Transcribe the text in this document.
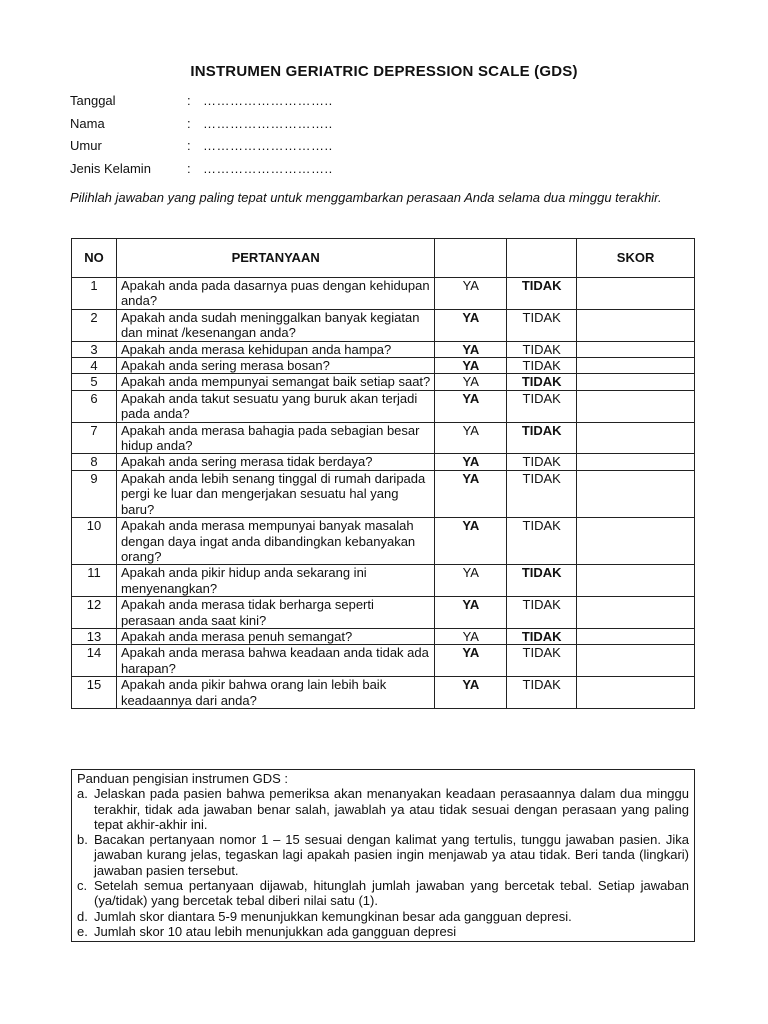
INSTRUMEN GERIATRIC DEPRESSION SCALE (GDS)
Tanggal	: ………………………..
Nama	: ………………………..
Umur	: ………………………..
Jenis Kelamin	: ………………………..
Pilihlah jawaban yang paling tepat untuk menggambarkan perasaan Anda selama dua minggu terakhir.
NO	PERTANYAAN			SKOR
1	Apakah anda pada dasarnya puas dengan kehidupan anda?	YA	TIDAK	
2	Apakah anda sudah meninggalkan banyak kegiatan dan minat /kesenangan anda?	YA	TIDAK	
3	Apakah anda merasa kehidupan anda hampa?	YA	TIDAK	
4	Apakah anda sering merasa bosan?	YA	TIDAK	
5	Apakah anda mempunyai semangat baik setiap saat?	YA	TIDAK	
6	Apakah anda takut sesuatu yang buruk akan terjadi pada anda?	YA	TIDAK	
7	Apakah anda merasa bahagia pada sebagian besar hidup anda?	YA	TIDAK	
8	Apakah anda sering merasa tidak berdaya?	YA	TIDAK	
9	Apakah anda lebih senang tinggal di rumah daripada pergi ke luar dan mengerjakan sesuatu hal yang baru?	YA	TIDAK	
10	Apakah anda merasa mempunyai banyak masalah dengan daya ingat anda dibandingkan kebanyakan orang?	YA	TIDAK	
11	Apakah anda pikir hidup anda sekarang ini menyenangkan?	YA	TIDAK	
12	Apakah anda merasa tidak berharga seperti perasaan anda saat kini?	YA	TIDAK	
13	Apakah anda merasa penuh semangat?	YA	TIDAK	
14	Apakah anda merasa bahwa keadaan anda tidak ada harapan?	YA	TIDAK	
15	Apakah anda pikir bahwa orang lain lebih baik keadaannya dari anda?	YA	TIDAK	
Panduan pengisian instrumen GDS :
a. Jelaskan pada pasien bahwa pemeriksa akan menanyakan keadaan perasaannya dalam dua minggu terakhir, tidak ada jawaban benar salah, jawablah ya atau tidak sesuai dengan perasaan yang paling tepat akhir-akhir ini.
b. Bacakan pertanyaan nomor 1 – 15 sesuai dengan kalimat yang tertulis, tunggu jawaban pasien. Jika jawaban kurang jelas, tegaskan lagi apakah pasien ingin menjawab ya atau tidak. Beri tanda (lingkari) jawaban pasien tersebut.
c. Setelah semua pertanyaan dijawab, hitunglah jumlah jawaban yang bercetak tebal. Setiap jawaban (ya/tidak) yang bercetak tebal diberi nilai satu (1).
d. Jumlah skor diantara 5-9 menunjukkan kemungkinan besar ada gangguan depresi.
e. Jumlah skor 10 atau lebih menunjukkan ada gangguan depresi
